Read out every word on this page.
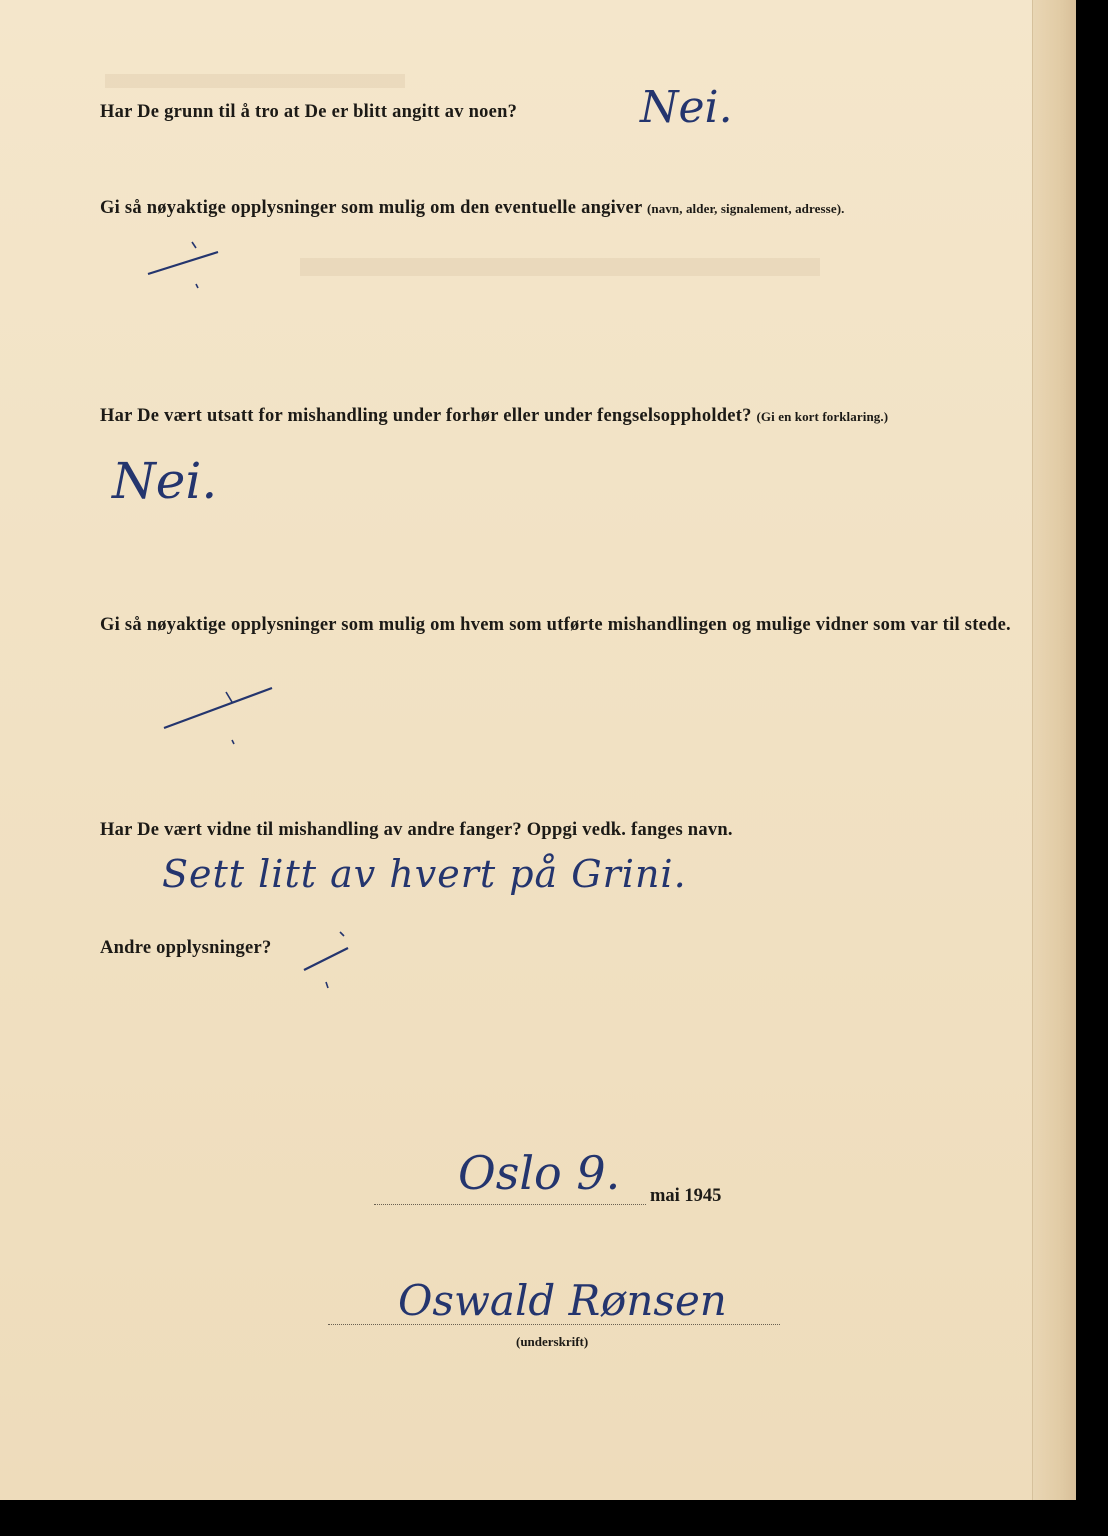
Har De grunn til å tro at De er blitt angitt av noen?	Nei.
Gi så nøyaktige opplysninger som mulig om den eventuelle angiver (navn, alder, signalement, adresse).
Har De vært utsatt for mishandling under forhør eller under fengselsoppholdet? (Gi en kort forklaring.)
Nei.
Gi så nøyaktige opplysninger som mulig om hvem som utførte mishandlingen og mulige vidner som var til stede.
Har De vært vidne til mishandling av andre fanger? Oppgi vedk. fanges navn.
Sett litt av hvert på Grini.
Andre opplysninger?
Oslo 9. mai 1945
Oswald Rønsen
(underskrift)
